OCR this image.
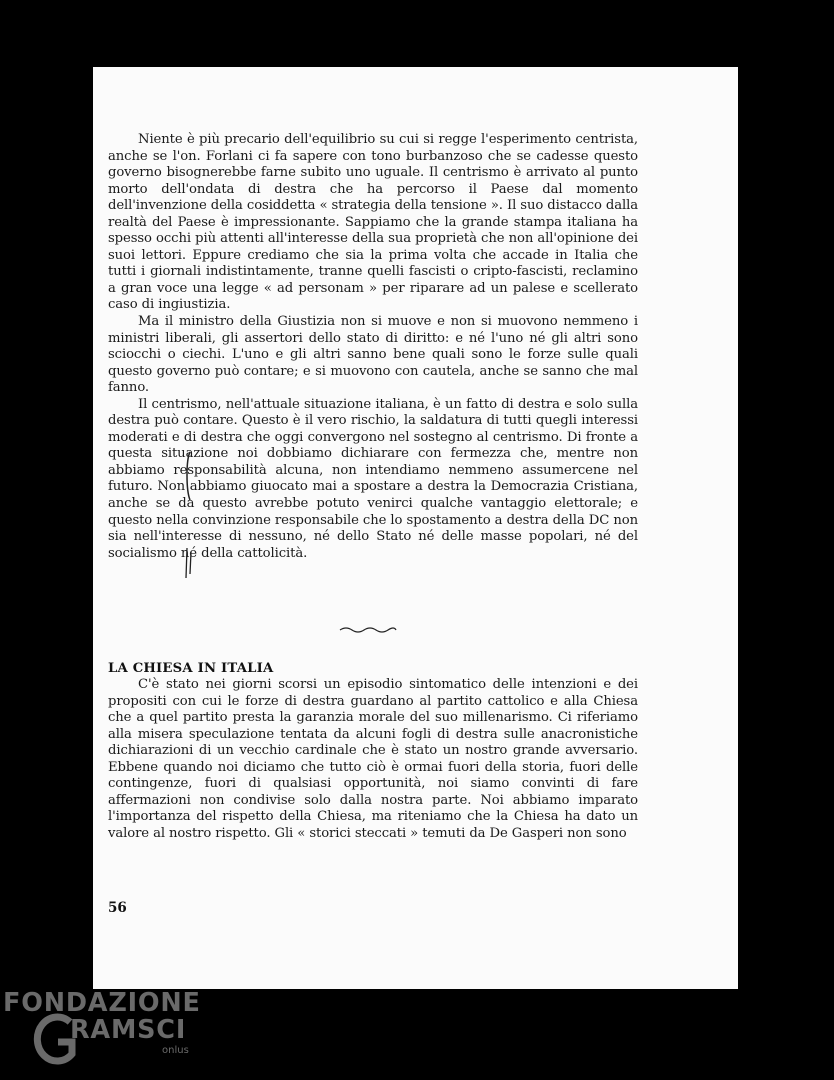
Niente è più precario dell'equilibrio su cui si regge l'esperimento centrista, anche se l'on. Forlani ci fa sapere con tono burbanzoso che se cadesse questo governo bisognerebbe farne subito uno uguale. Il centrismo è arrivato al punto morto dell'ondata di destra che ha percorso il Paese dal momento dell'invenzione della cosiddetta « strategia della tensione ». Il suo distacco dalla realtà del Paese è impressionante. Sappiamo che la grande stampa italiana ha spesso occhi più attenti all'interesse della sua proprietà che non all'opinione dei suoi lettori. Eppure crediamo che sia la prima volta che accade in Italia che tutti i giornali indistintamente, tranne quelli fascisti o cripto-fascisti, reclamino a gran voce una legge « ad personam » per riparare ad un palese e scellerato caso di ingiustizia.

Ma il ministro della Giustizia non si muove e non si muovono nemmeno i ministri liberali, gli assertori dello stato di diritto: e né l'uno né gli altri sono sciocchi o ciechi. L'uno e gli altri sanno bene quali sono le forze sulle quali questo governo può contare; e si muovono con cautela, anche se sanno che mal fanno.

Il centrismo, nell'attuale situazione italiana, è un fatto di destra e solo sulla destra può contare. Questo è il vero rischio, la saldatura di tutti quegli interessi moderati e di destra che oggi convergono nel sostegno al centrismo. Di fronte a questa situazione noi dobbiamo dichiarare con fermezza che, mentre non abbiamo responsabilità alcuna, non intendiamo nemmeno assumercene nel futuro. Non abbiamo giuocato mai a spostare a destra la Democrazia Cristiana, anche se da questo avrebbe potuto venirci qualche vantaggio elettorale; e questo nella convinzione responsabile che lo spostamento a destra della DC non sia nell'interesse di nessuno, né dello Stato né delle masse popolari, né del socialismo né della cattolicità.

LA CHIESA IN ITALIA

C'è stato nei giorni scorsi un episodio sintomatico delle intenzioni e dei propositi con cui le forze di destra guardano al partito cattolico e alla Chiesa che a quel partito presta la garanzia morale del suo millenarismo. Ci riferiamo alla misera speculazione tentata da alcuni fogli di destra sulle anacronistiche dichiarazioni di un vecchio cardinale che è stato un nostro grande avversario. Ebbene quando noi diciamo che tutto ciò è ormai fuori della storia, fuori delle contingenze, fuori di qualsiasi opportunità, noi siamo convinti di fare affermazioni non condivise solo dalla nostra parte. Noi abbiamo imparato l'importanza del rispetto della Chiesa, ma riteniamo che la Chiesa ha dato un valore al nostro rispetto. Gli « storici steccati » temuti da De Gasperi non sono

56
FONDAZIONE
RAMSCI
onlus
